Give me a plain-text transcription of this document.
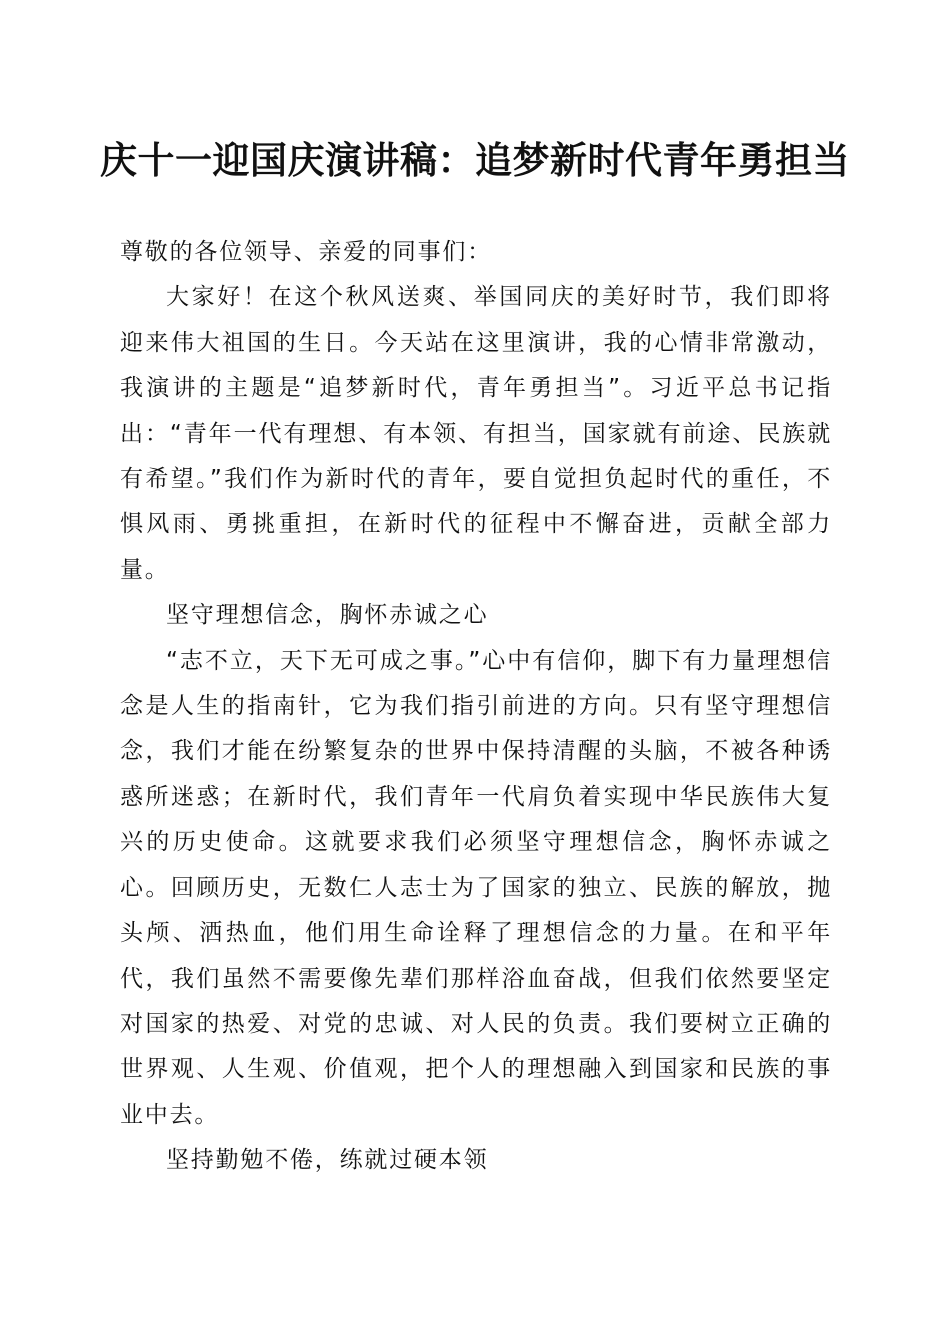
庆十一迎国庆演讲稿：追梦新时代青年勇担当

尊敬的各位领导、亲爱的同事们：

大家好！在这个秋风送爽、举国同庆的美好时节，我们即将迎来伟大祖国的生日。今天站在这里演讲，我的心情非常激动，我演讲的主题是“追梦新时代，青年勇担当”。习近平总书记指出：“青年一代有理想、有本领、有担当，国家就有前途、民族就有希望。”我们作为新时代的青年，要自觉担负起时代的重任，不惧风雨、勇挑重担，在新时代的征程中不懈奋进，贡献全部力量。

坚守理想信念，胸怀赤诚之心

“志不立，天下无可成之事。”心中有信仰，脚下有力量理想信念是人生的指南针，它为我们指引前进的方向。只有坚守理想信念，我们才能在纷繁复杂的世界中保持清醒的头脑，不被各种诱惑所迷惑；在新时代，我们青年一代肩负着实现中华民族伟大复兴的历史使命。这就要求我们必须坚守理想信念，胸怀赤诚之心。回顾历史，无数仁人志士为了国家的独立、民族的解放，抛头颅、洒热血，他们用生命诠释了理想信念的力量。在和平年代，我们虽然不需要像先辈们那样浴血奋战，但我们依然要坚定对国家的热爱、对党的忠诚、对人民的负责。我们要树立正确的世界观、人生观、价值观，把个人的理想融入到国家和民族的事业中去。

坚持勤勉不倦，练就过硬本领
